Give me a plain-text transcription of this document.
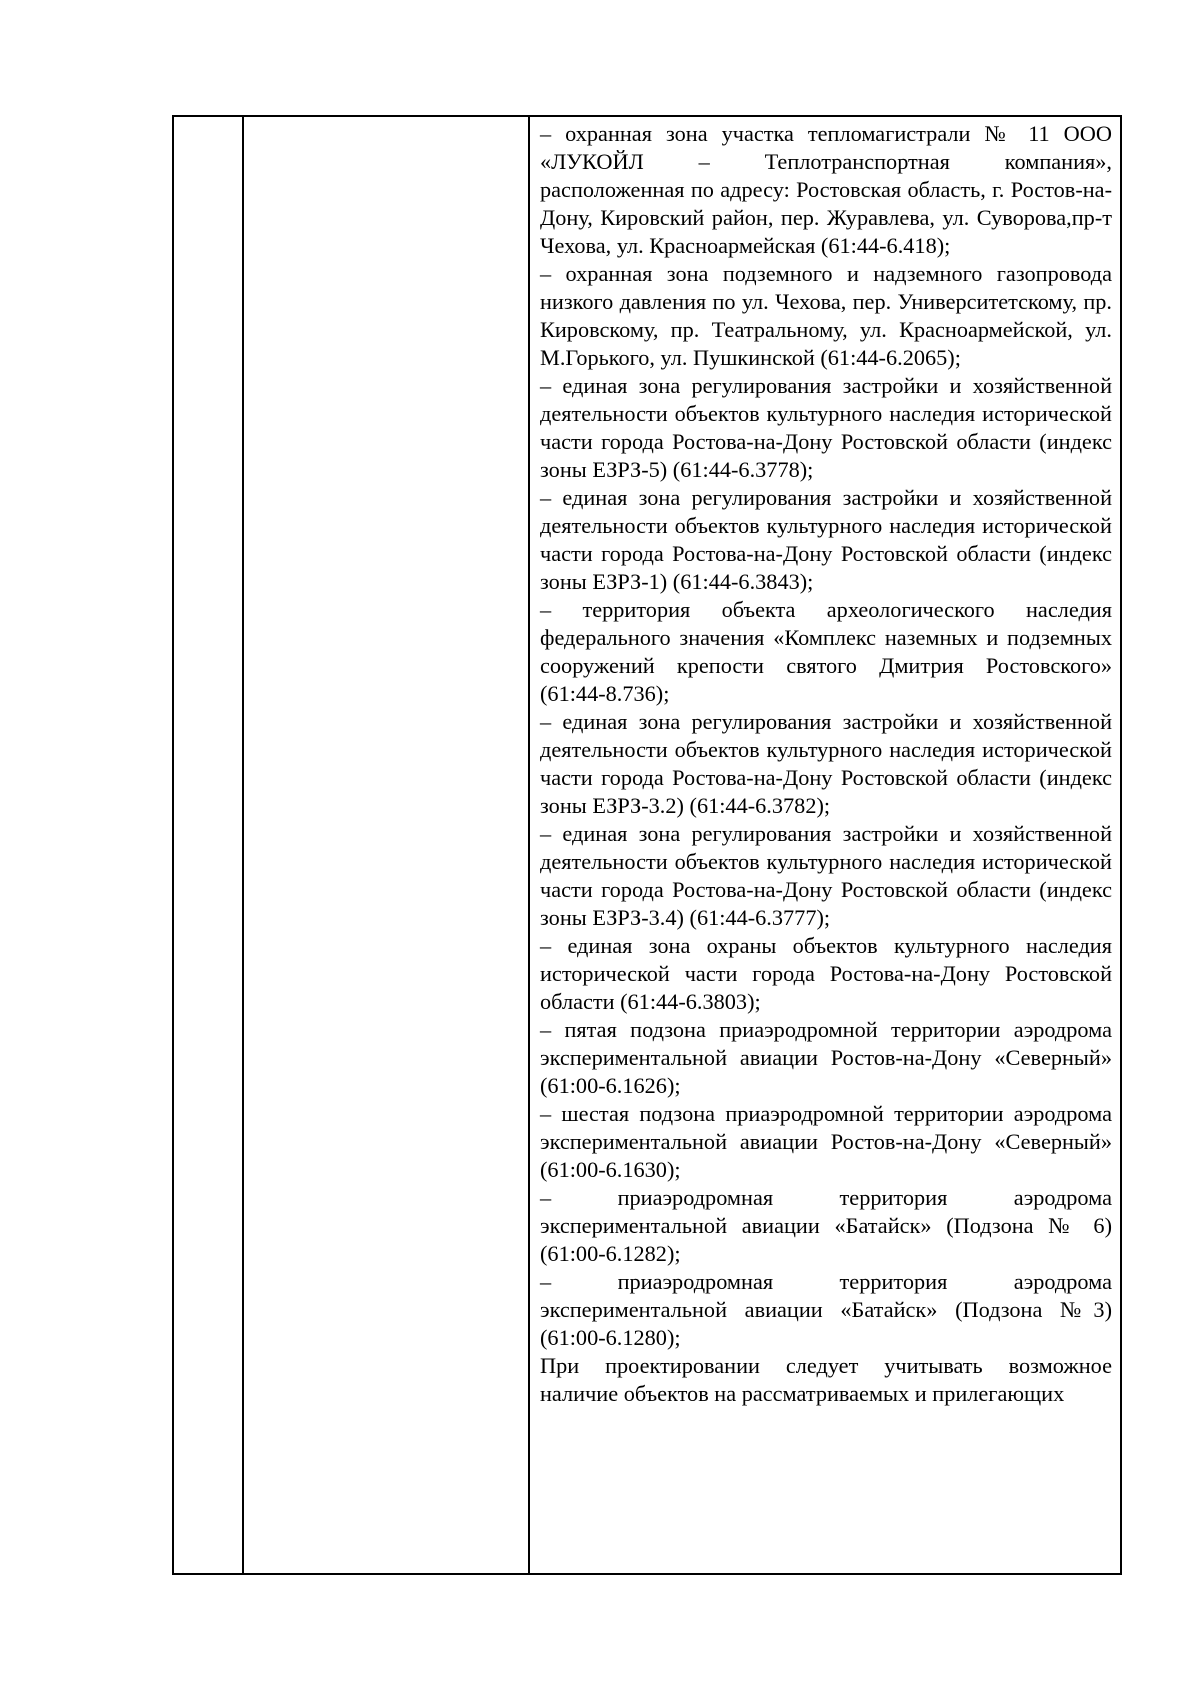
– охранная зона участка тепломагистрали № 11 ООО «ЛУКОЙЛ – Теплотранспортная компания», расположенная по адресу: Ростовская область, г. Ростов-на-Дону, Кировский район, пер. Журавлева, ул. Суворова,пр-т Чехова, ул. Красноармейская (61:44-6.418);

– охранная зона подземного и надземного газопровода низкого давления по ул. Чехова, пер. Университетскому, пр. Кировскому, пр. Театральному, ул. Красноармейской, ул. М.Горького, ул. Пушкинской (61:44-6.2065);

– единая зона регулирования застройки и хозяйственной деятельности объектов культурного наследия исторической части города Ростова-на-Дону Ростовской области (индекс зоны ЕЗРЗ-5) (61:44-6.3778);

– единая зона регулирования застройки и хозяйственной деятельности объектов культурного наследия исторической части города Ростова-на-Дону Ростовской области (индекс зоны ЕЗРЗ-1) (61:44-6.3843);

– территория объекта археологического наследия федерального значения «Комплекс наземных и подземных сооружений крепости святого Дмитрия Ростовского» (61:44-8.736);

– единая зона регулирования застройки и хозяйственной деятельности объектов культурного наследия исторической части города Ростова-на-Дону Ростовской области (индекс зоны ЕЗРЗ-3.2) (61:44-6.3782);

– единая зона регулирования застройки и хозяйственной деятельности объектов культурного наследия исторической части города Ростова-на-Дону Ростовской области (индекс зоны ЕЗРЗ-3.4) (61:44-6.3777);

– единая зона охраны объектов культурного наследия исторической части города Ростова-на-Дону Ростовской области (61:44-6.3803);

– пятая подзона приаэродромной территории аэродрома экспериментальной авиации Ростов-на-Дону «Северный» (61:00-6.1626);

– шестая подзона приаэродромной территории аэродрома экспериментальной авиации Ростов-на-Дону «Северный» (61:00-6.1630);

– приаэродромная территория аэродрома экспериментальной авиации «Батайск» (Подзона № 6) (61:00-6.1282);

– приаэродромная территория аэродрома экспериментальной авиации «Батайск» (Подзона №3) (61:00-6.1280);

При проектировании следует учитывать возможное наличие объектов на рассматриваемых и прилегающих
